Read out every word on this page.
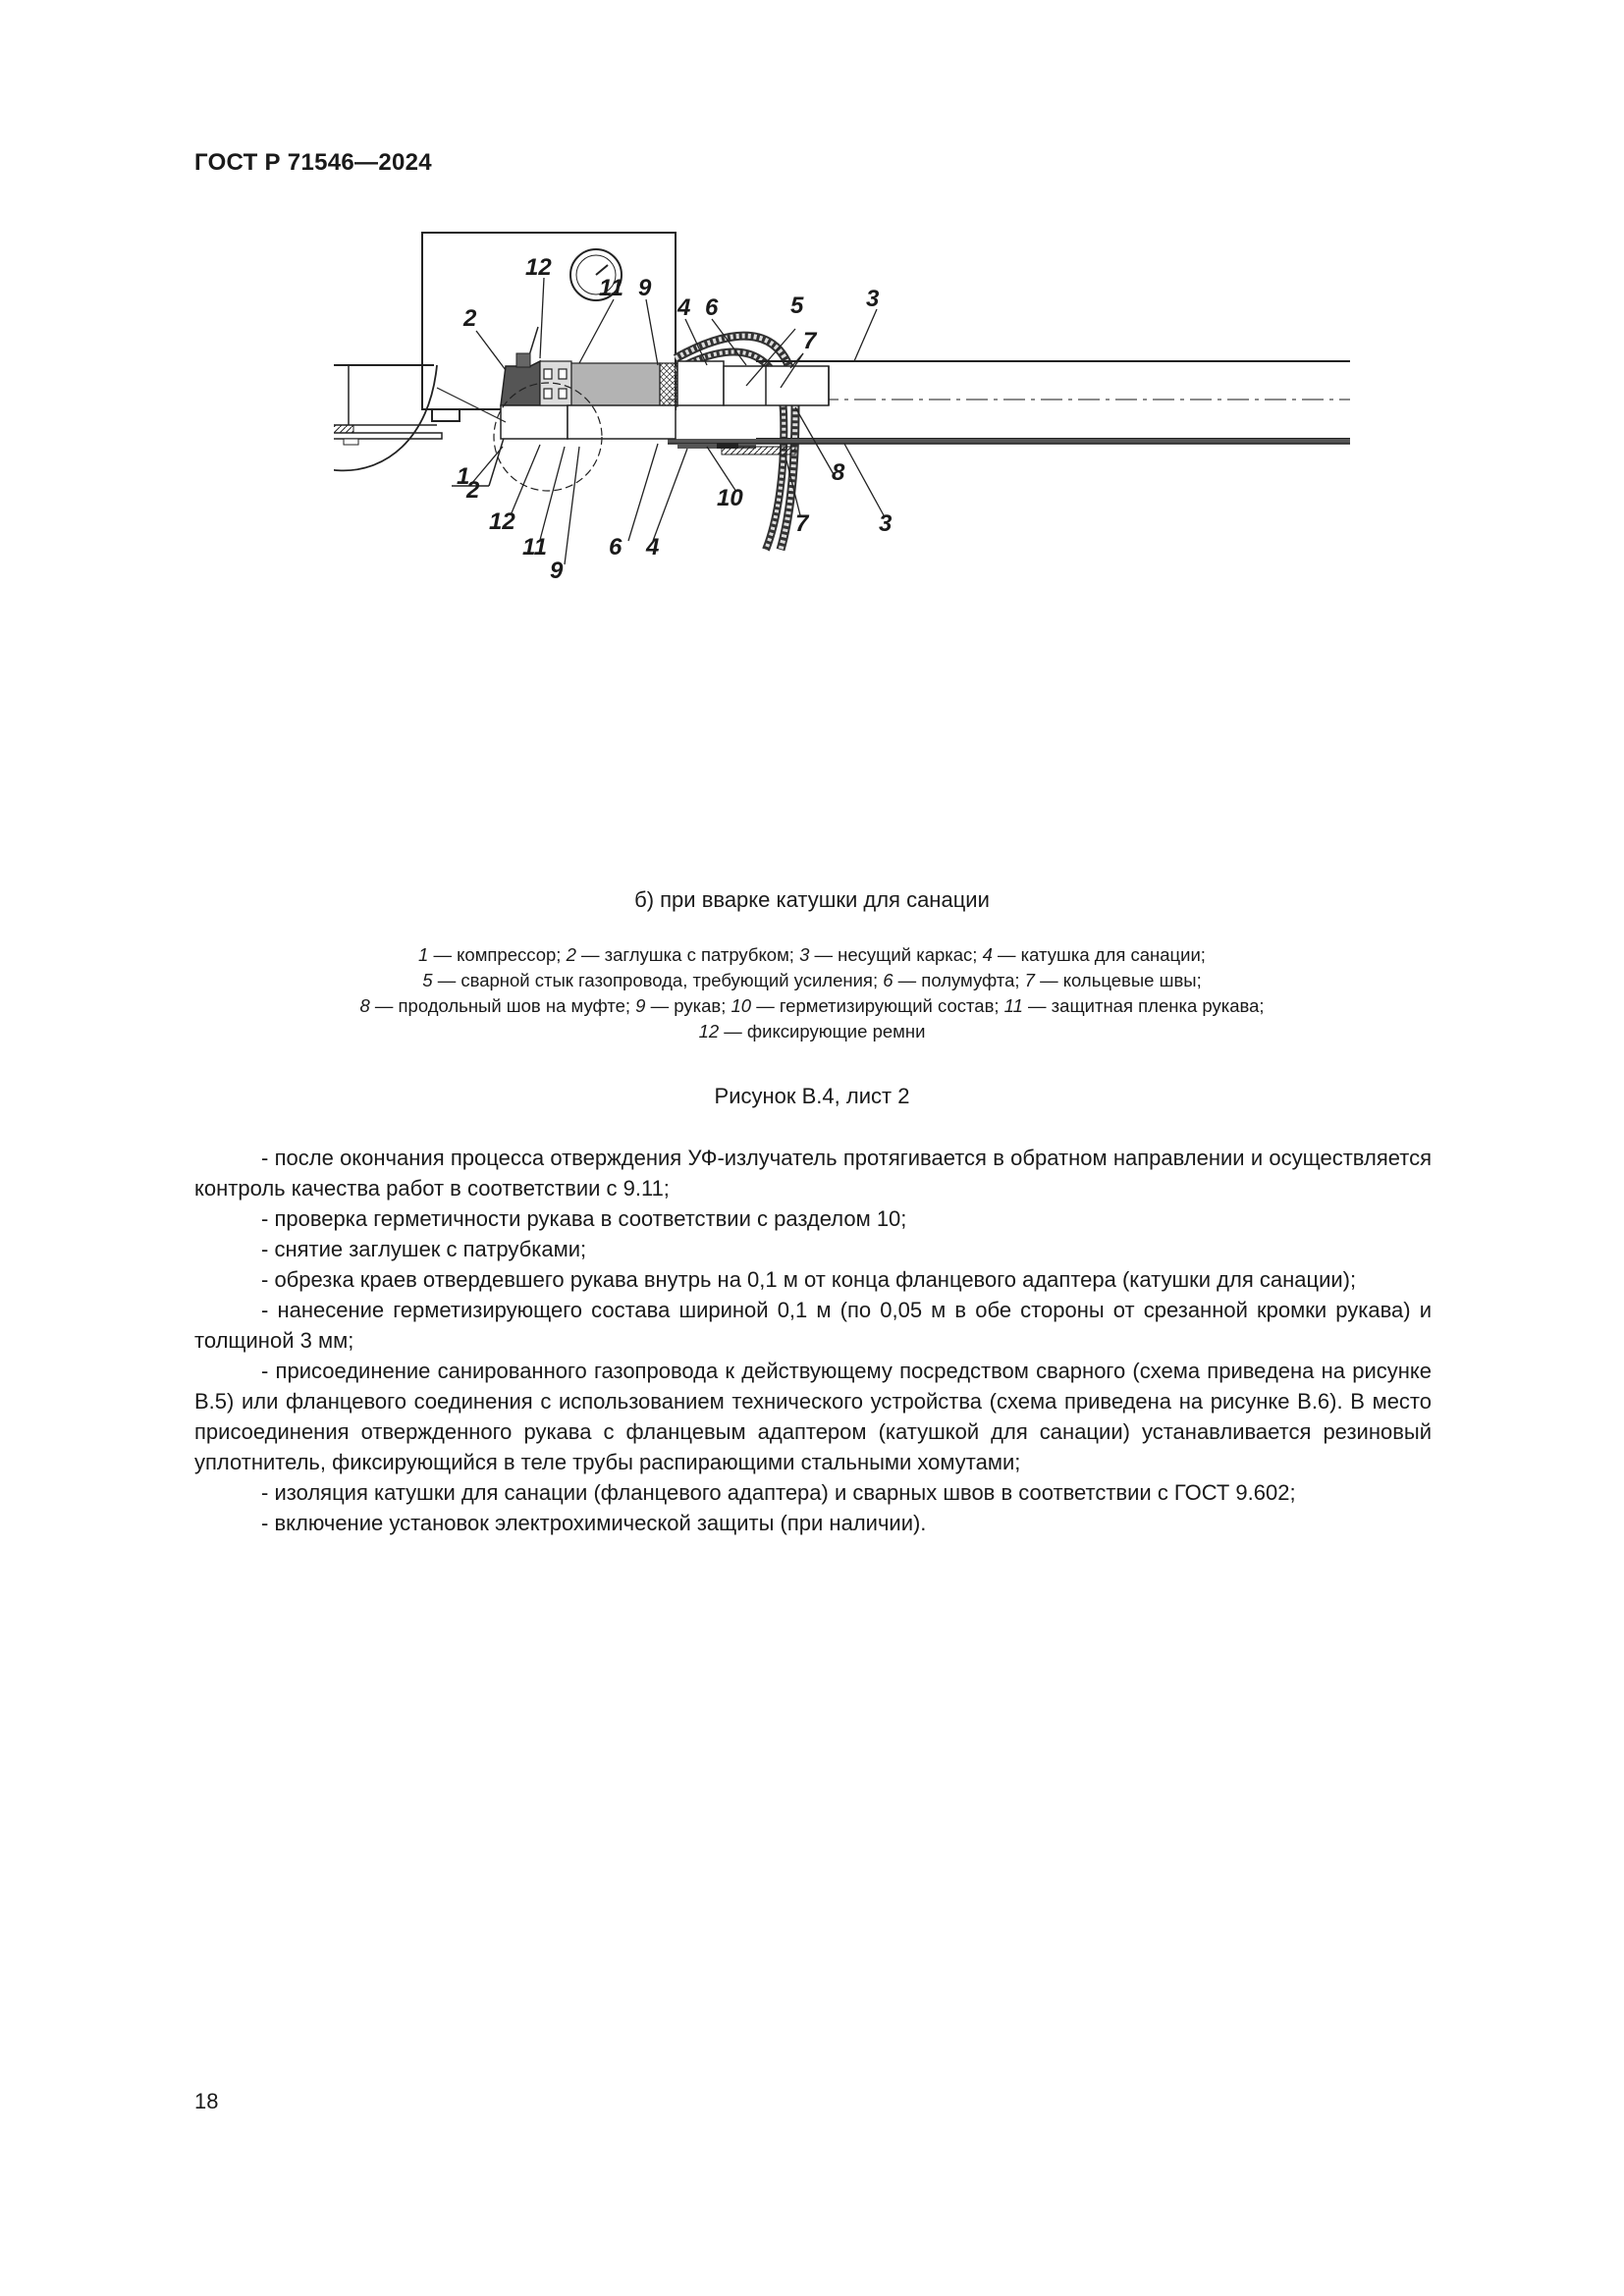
ГОСТ Р 71546—2024
1
2
12
11 9
4 6	5	3
7
8
2
12
11
9
6 4
10
7	3
б) при вварке катушки для санации
1 — компрессор; 2 — заглушка с патрубком; 3 — несущий каркас; 4 — катушка для санации;
5 — сварной стык газопровода, требующий усиления; 6 — полумуфта; 7 — кольцевые швы;
8 — продольный шов на муфте; 9 — рукав; 10 — герметизирующий состав; 11 — защитная пленка рукава;
12 — фиксирующие ремни
Рисунок В.4, лист 2

- после окончания процесса отверждения УФ-излучатель протягивается в обратном направлении и осуществляется контроль качества работ в соответствии с 9.11;

- проверка герметичности рукава в соответствии с разделом 10;

- снятие заглушек с патрубками;

- обрезка краев отвердевшего рукава внутрь на 0,1 м от конца фланцевого адаптера (катушки для санации);

- нанесение герметизирующего состава шириной 0,1 м (по 0,05 м в обе стороны от срезанной кромки рукава) и толщиной 3 мм;

- присоединение санированного газопровода к действующему посредством сварного (схема приведена на рисунке В.5) или фланцевого соединения с использованием технического устройства (схема приведена на рисунке В.6). В место присоединения отвержденного рукава с фланцевым адаптером (катушкой для санации) устанавливается резиновый уплотнитель, фиксирующийся в теле трубы распирающими стальными хомутами;

- изоляция катушки для санации (фланцевого адаптера) и сварных швов в соответствии с ГОСТ 9.602;

- включение установок электрохимической защиты (при наличии).

18
